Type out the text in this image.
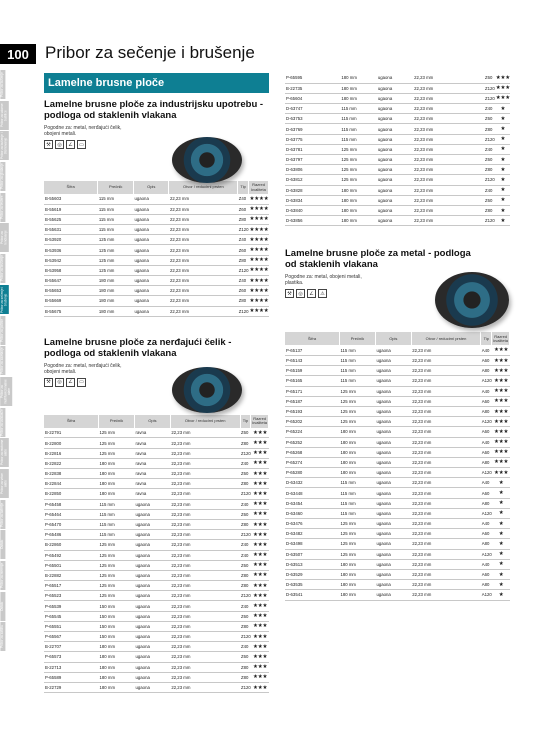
100 Pribor za sečenje i brušenje
Pribor za bušenje
Pribor za udarne bušilice
Pribor za bušenje i štemovanje
Pribor za glodanje
Pribor za testere
Pribor za rendisanje
Pribor za brušenje
Pribor za sečenje i brušenje
Pribor za polirke
Pribor za zavrtanje
Pribor za multifunkcionalne alate
Pribor za usisivače
Pribor za motorne alate
Pribor za vrtne alate
Pribor za baterije
Ostalo
Pribor za merenje
Ostalo
Pribor za zaštitu
Lamelne brusne ploče
Lamelne brusne ploče za industrijsku upotrebu - podloga od staklenih vlakana
Pogodne za: metal, nerđajući čelik, obojeni metali.
⚒	◎	∠	▭
Šifra	Prečnik	Opis	Otvor / reducirni prsten	Tip	Razred kvaliteta
B-55603	115 mm	ugaona	22,23 mm	Z40	★★★★
B-55619	115 mm	ugaona	22,23 mm	Z60	★★★★
B-55625	115 mm	ugaona	22,23 mm	Z80	★★★★
B-55631	115 mm	ugaona	22,23 mm	Z120	★★★★
B-53920	125 mm	ugaona	22,23 mm	Z40	★★★★
B-53936	125 mm	ugaona	22,23 mm	Z60	★★★★
B-53942	125 mm	ugaona	22,23 mm	Z80	★★★★
B-53958	125 mm	ugaona	22,23 mm	Z120	★★★★
B-55647	180 mm	ugaona	22,23 mm	Z40	★★★★
B-55653	180 mm	ugaona	22,23 mm	Z60	★★★★
B-55669	180 mm	ugaona	22,23 mm	Z80	★★★★
B-55675	180 mm	ugaona	22,23 mm	Z120	★★★★
Lamelne brusne ploče za nerđajući čelik - podloga od staklenih vlakana
Pogodne za: metal, nerđajući čelik, obojeni metali.
⚒	◎	∠	▭
Šifra	Prečnik	Opis	Otvor / reducirni prsten	Tip	Razred kvaliteta
B-22791	125 mm	ravna	22,23 mm	Z60	★★★
B-22800	125 mm	ravna	22,23 mm	Z80	★★★
B-22816	125 mm	ravna	22,23 mm	Z120	★★★
B-22822	180 mm	ravna	22,23 mm	Z40	★★★
B-22838	180 mm	ravna	22,23 mm	Z60	★★★
B-22844	180 mm	ravna	22,23 mm	Z80	★★★
B-22850	180 mm	ravna	22,23 mm	Z120	★★★
P-65458	115 mm	ugaona	22,23 mm	Z40	★★★
P-65464	115 mm	ugaona	22,23 mm	Z60	★★★
P-65470	115 mm	ugaona	22,23 mm	Z80	★★★
P-65486	115 mm	ugaona	22,23 mm	Z120	★★★
B-22860	125 mm	ugaona	22,23 mm	Z40	★★★
P-65492	125 mm	ugaona	22,23 mm	Z40	★★★
P-65501	125 mm	ugaona	22,23 mm	Z60	★★★
B-22882	125 mm	ugaona	22,23 mm	Z80	★★★
P-65517	125 mm	ugaona	22,23 mm	Z80	★★★
P-65523	125 mm	ugaona	22,23 mm	Z120	★★★
P-65539	150 mm	ugaona	22,23 mm	Z40	★★★
P-65545	150 mm	ugaona	22,23 mm	Z60	★★★
P-65551	150 mm	ugaona	22,23 mm	Z80	★★★
P-65567	150 mm	ugaona	22,23 mm	Z120	★★★
B-22707	180 mm	ugaona	22,23 mm	Z40	★★★
P-65573	180 mm	ugaona	22,23 mm	Z60	★★★
B-22713	180 mm	ugaona	22,23 mm	Z80	★★★
P-65589	180 mm	ugaona	22,23 mm	Z80	★★★
B-22729	180 mm	ugaona	22,23 mm	Z120	★★★
P-65595	180 mm	ugaona	22,23 mm	Z60	★★★
B-22735	180 mm	ugaona	22,23 mm	Z120	★★★
P-65604	180 mm	ugaona	22,23 mm	Z120	★★★
D-63747	115 mm	ugaona	22,23 mm	Z40	★
D-63753	115 mm	ugaona	22,23 mm	Z60	★
D-63769	115 mm	ugaona	22,23 mm	Z80	★
D-63775	115 mm	ugaona	22,23 mm	Z120	★
D-63781	125 mm	ugaona	22,23 mm	Z40	★
D-63797	125 mm	ugaona	22,23 mm	Z60	★
D-63806	125 mm	ugaona	22,23 mm	Z80	★
D-63812	125 mm	ugaona	22,23 mm	Z120	★
D-63828	180 mm	ugaona	22,23 mm	Z40	★
D-63834	180 mm	ugaona	22,23 mm	Z60	★
D-63840	180 mm	ugaona	22,23 mm	Z80	★
D-63856	180 mm	ugaona	22,23 mm	Z120	★
Lamelne brusne ploče za metal - podloga od staklenih vlakana
Pogodne za: metal, obojeni metali, plastika.
⚒	◎	∠	⚠
Šifra	Prečnik	Opis	Otvor / reducirni prsten	Tip	Razred kvaliteta
P-65137	115 mm	ugaona	22,23 mm	A40	★★★
P-65143	115 mm	ugaona	22,23 mm	A60	★★★
P-65159	115 mm	ugaona	22,23 mm	A80	★★★
P-65165	115 mm	ugaona	22,23 mm	A120	★★★
P-65171	125 mm	ugaona	22,23 mm	A40	★★★
P-65187	125 mm	ugaona	22,23 mm	A60	★★★
P-65193	125 mm	ugaona	22,23 mm	A80	★★★
P-65202	125 mm	ugaona	22,23 mm	A120	★★★
P-65224	180 mm	ugaona	22,23 mm	A60	★★★
P-65252	180 mm	ugaona	22,23 mm	A40	★★★
P-65268	180 mm	ugaona	22,23 mm	A60	★★★
P-65274	180 mm	ugaona	22,23 mm	A80	★★★
P-65280	180 mm	ugaona	22,23 mm	A120	★★★
D-63432	115 mm	ugaona	22,23 mm	A40	★
D-63448	115 mm	ugaona	22,23 mm	A60	★
D-63454	115 mm	ugaona	22,23 mm	A80	★
D-63460	115 mm	ugaona	22,23 mm	A120	★
D-63476	125 mm	ugaona	22,23 mm	A40	★
D-63482	125 mm	ugaona	22,23 mm	A60	★
D-63498	125 mm	ugaona	22,23 mm	A80	★
D-63507	125 mm	ugaona	22,23 mm	A120	★
D-63513	180 mm	ugaona	22,23 mm	A40	★
D-63529	180 mm	ugaona	22,23 mm	A60	★
D-63535	180 mm	ugaona	22,23 mm	A80	★
D-63541	180 mm	ugaona	22,23 mm	A120	★
